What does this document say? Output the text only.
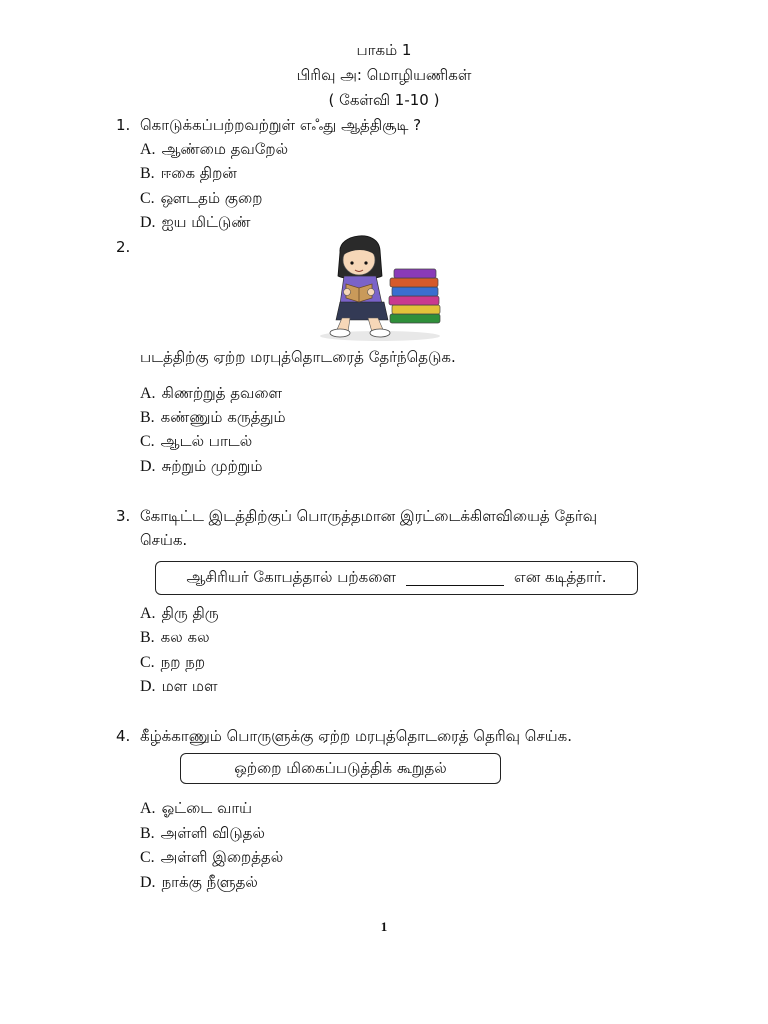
பாகம் 1
பிரிவு அ: மொழியணிகள்
( கேள்வி 1-10 )
1. கொடுக்கப்பற்றவற்றுள் எஃது ஆத்திசூடி ?
A. ஆண்மை தவறேல்
B. ஈகை திறன்
C. ஔடதம் குறை
D. ஐய மிட்டுண்
2.
படத்திற்கு ஏற்ற மரபுத்தொடரைத் தேர்ந்தெடுக.
A. கிணற்றுத் தவளை
B. கண்ணும் கருத்தும்
C. ஆடல் பாடல்
D. சுற்றும் முற்றும்
3. கோடிட்ட இடத்திற்குப் பொருத்தமான இரட்டைக்கிளவியைத் தேர்வு
செய்க.
ஆசிரியர் கோபத்தால் பற்களை	என கடித்தார்.
A. திரு திரு
B. கல கல
C. நற நற
D. மள மள
4. கீழ்க்காணும் பொருளுக்கு ஏற்ற மரபுத்தொடரைத் தெரிவு செய்க.
ஒற்றை மிகைப்படுத்திக் கூறுதல்
A. ஓட்டை வாய்
B. அள்ளி விடுதல்
C. அள்ளி இறைத்தல்
D. நாக்கு நீளுதல்
1
